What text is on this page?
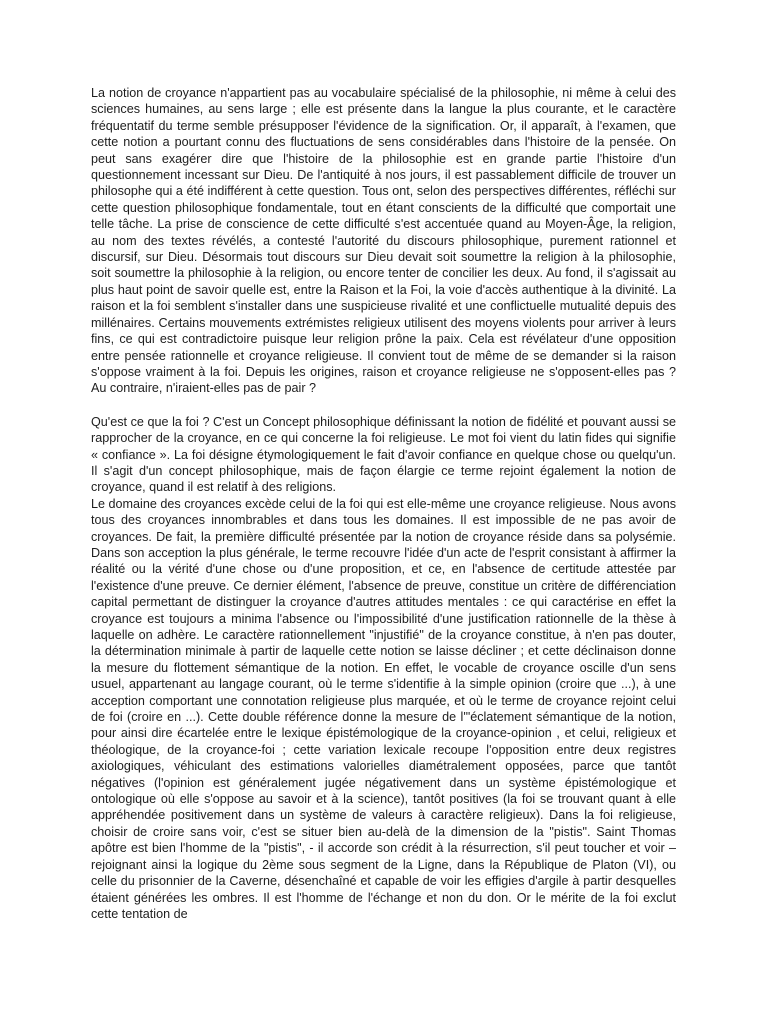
La notion de croyance n'appartient pas au vocabulaire spécialisé de la philosophie, ni même à celui des sciences humaines, au sens large ; elle est présente dans la langue la plus courante, et le caractère fréquentatif du terme semble présupposer l'évidence de la signification. Or, il apparaît, à l'examen, que cette notion a pourtant connu des fluctuations de sens considérables dans l'histoire de la pensée. On peut sans exagérer dire que l'histoire de la philosophie est en grande partie l'histoire d'un questionnement incessant sur Dieu. De l'antiquité à nos jours, il est passablement difficile de trouver un philosophe qui a été indifférent à cette question. Tous ont, selon des perspectives différentes, réfléchi sur cette question philosophique fondamentale, tout en étant conscients de la difficulté que comportait une telle tâche. La prise de conscience de cette difficulté s'est accentuée quand au Moyen-Âge, la religion, au nom des textes révélés, a contesté l'autorité du discours philosophique, purement rationnel et discursif, sur Dieu. Désormais tout discours sur Dieu devait soit soumettre la religion à la philosophie, soit soumettre la philosophie à la religion, ou encore tenter de concilier les deux. Au fond, il s'agissait au plus haut point de savoir quelle est, entre la Raison et la Foi, la voie d'accès authentique à la divinité. La raison et la foi semblent s'installer dans une suspicieuse rivalité et une conflictuelle mutualité depuis des millénaires. Certains mouvements extrémistes religieux utilisent des moyens violents pour arriver à leurs fins, ce qui est contradictoire puisque leur religion prône la paix. Cela est révélateur d'une opposition entre pensée rationnelle et croyance religieuse. Il convient tout de même de se demander si la raison s'oppose vraiment à la foi. Depuis les origines, raison et croyance religieuse ne s'opposent-elles pas ? Au contraire, n'iraient-elles pas de pair ?

Qu'est ce que la foi ? C'est un Concept philosophique définissant la notion de fidélité et pouvant aussi se rapprocher de la croyance, en ce qui concerne la foi religieuse. Le mot foi vient du latin fides qui signifie « confiance ». La foi désigne étymologiquement le fait d'avoir confiance en quelque chose ou quelqu'un. Il s'agit d'un concept philosophique, mais de façon élargie ce terme rejoint également la notion de croyance, quand il est relatif à des religions.

Le domaine des croyances excède celui de la foi qui est elle-même une croyance religieuse. Nous avons tous des croyances innombrables et dans tous les domaines. Il est impossible de ne pas avoir de croyances. De fait, la première difficulté présentée par la notion de croyance réside dans sa polysémie. Dans son acception la plus générale, le terme recouvre l'idée d'un acte de l'esprit consistant à affirmer la réalité ou la vérité d'une chose ou d'une proposition, et ce, en l'absence de certitude attestée par l'existence d'une preuve. Ce dernier élément, l'absence de preuve, constitue un critère de différenciation capital permettant de distinguer la croyance d'autres attitudes mentales : ce qui caractérise en effet la croyance est toujours a minima l'absence ou l'impossibilité d'une justification rationnelle de la thèse à laquelle on adhère. Le caractère rationnellement "injustifié" de la croyance constitue, à n'en pas douter, la détermination minimale à partir de laquelle cette notion se laisse décliner ; et cette déclinaison donne la mesure du flottement sémantique de la notion. En effet, le vocable de croyance oscille d'un sens usuel, appartenant au langage courant, où le terme s'identifie à la simple opinion (croire que ...), à une acception comportant une connotation religieuse plus marquée, et où le terme de croyance rejoint celui de foi (croire en ...). Cette double référence donne la mesure de l'"éclatement sémantique de la notion, pour ainsi dire écartelée entre le lexique épistémologique de la croyance-opinion , et celui, religieux et théologique, de la croyance-foi ; cette variation lexicale recoupe l'opposition entre deux registres axiologiques, véhiculant des estimations valorielles diamétralement opposées, parce que tantôt négatives (l'opinion est généralement jugée négativement dans un système épistémologique et ontologique où elle s'oppose au savoir et à la science), tantôt positives (la foi se trouvant quant à elle appréhendée positivement dans un système de valeurs à caractère religieux). Dans la foi religieuse, choisir de croire sans voir, c'est se situer bien au-delà de la dimension de la "pistis". Saint Thomas apôtre est bien l'homme de la "pistis", - il accorde son crédit à la résurrection, s'il peut toucher et voir – rejoignant ainsi la logique du 2ème sous segment de la Ligne, dans la République de Platon (VI), ou celle du prisonnier de la Caverne, désenchaîné et capable de voir les effigies d'argile à partir desquelles étaient générées les ombres. Il est l'homme de l'échange et non du don. Or le mérite de la foi exclut cette tentation de
